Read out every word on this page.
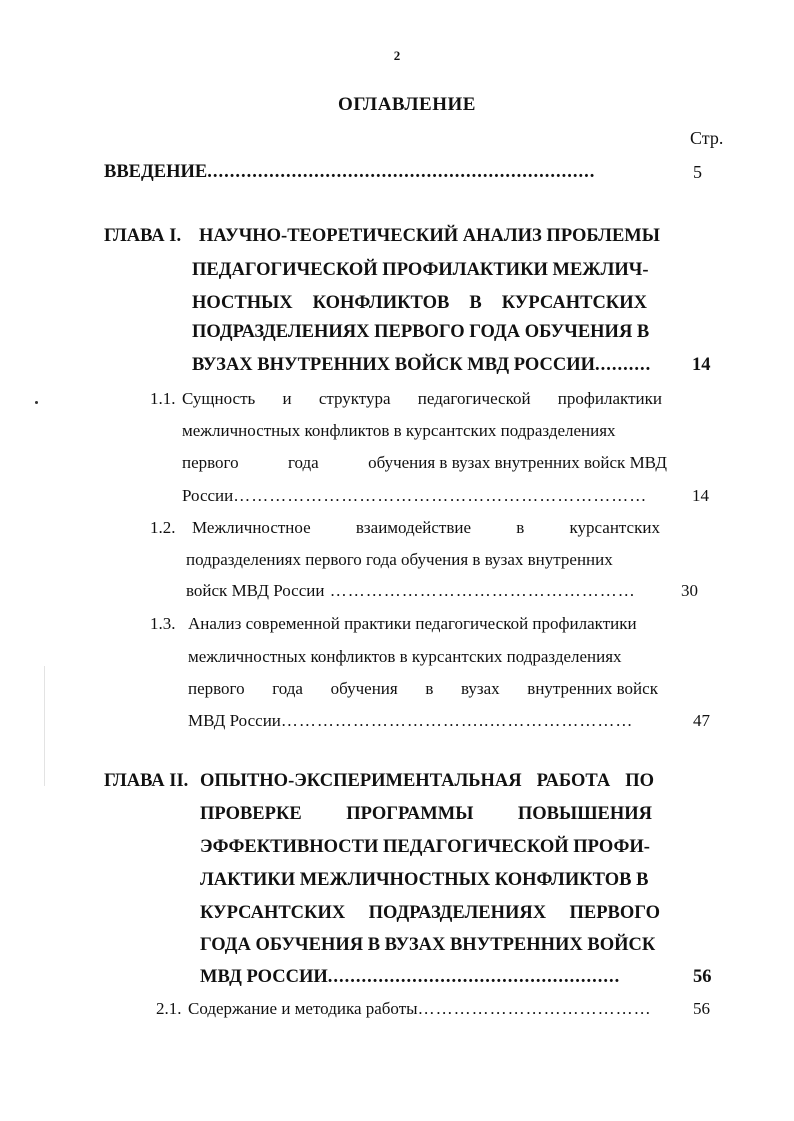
2
ОГЛАВЛЕНИЕ
Стр.
ВВЕДЕНИЕ.....................................................................	5
ГЛАВА I. НАУЧНО-ТЕОРЕТИЧЕСКИЙ АНАЛИЗ ПРОБЛЕМЫ
ПЕДАГОГИЧЕСКОЙ ПРОФИЛАКТИКИ МЕЖЛИЧ-
НОСТНЫХ КОНФЛИКТОВ В КУРСАНТСКИХ
ПОДРАЗДЕЛЕНИЯХ ПЕРВОГО ГОДА ОБУЧЕНИЯ В
ВУЗАХ ВНУТРЕННИХ ВОЙСК МВД РОССИИ.......... 14
1.1. Сущность и структура педагогической профилактики
межличностных конфликтов в курсантских подразделениях
первого	года	обучения в вузах внутренних войск МВД
России……………………………………………………………	14
1.2. Межличностное	взаимодействие	в	курсантских
подразделениях первого года обучения в вузах внутренних
войск МВД России ……………………………………………	30
1.3. Анализ современной практики педагогической профилактики
межличностных конфликтов в курсантских подразделениях
первого года обучения в вузах внутренних войск
МВД России……………………………..……………………	47
ГЛАВА II. ОПЫТНО-ЭКСПЕРИМЕНТАЛЬНАЯ РАБОТА ПО
ПРОВЕРКЕ ПРОГРАММЫ ПОВЫШЕНИЯ
ЭФФЕКТИВНОСТИ ПЕДАГОГИЧЕСКОЙ ПРОФИ-
ЛАКТИКИ МЕЖЛИЧНОСТНЫХ КОНФЛИКТОВ В
КУРСАНТСКИХ ПОДРАЗДЕЛЕНИЯХ ПЕРВОГО
ГОДА ОБУЧЕНИЯ В ВУЗАХ ВНУТРЕННИХ ВОЙСК
МВД РОССИИ....................................................	56
2.1. Содержание и методика работы………………………………… 56
